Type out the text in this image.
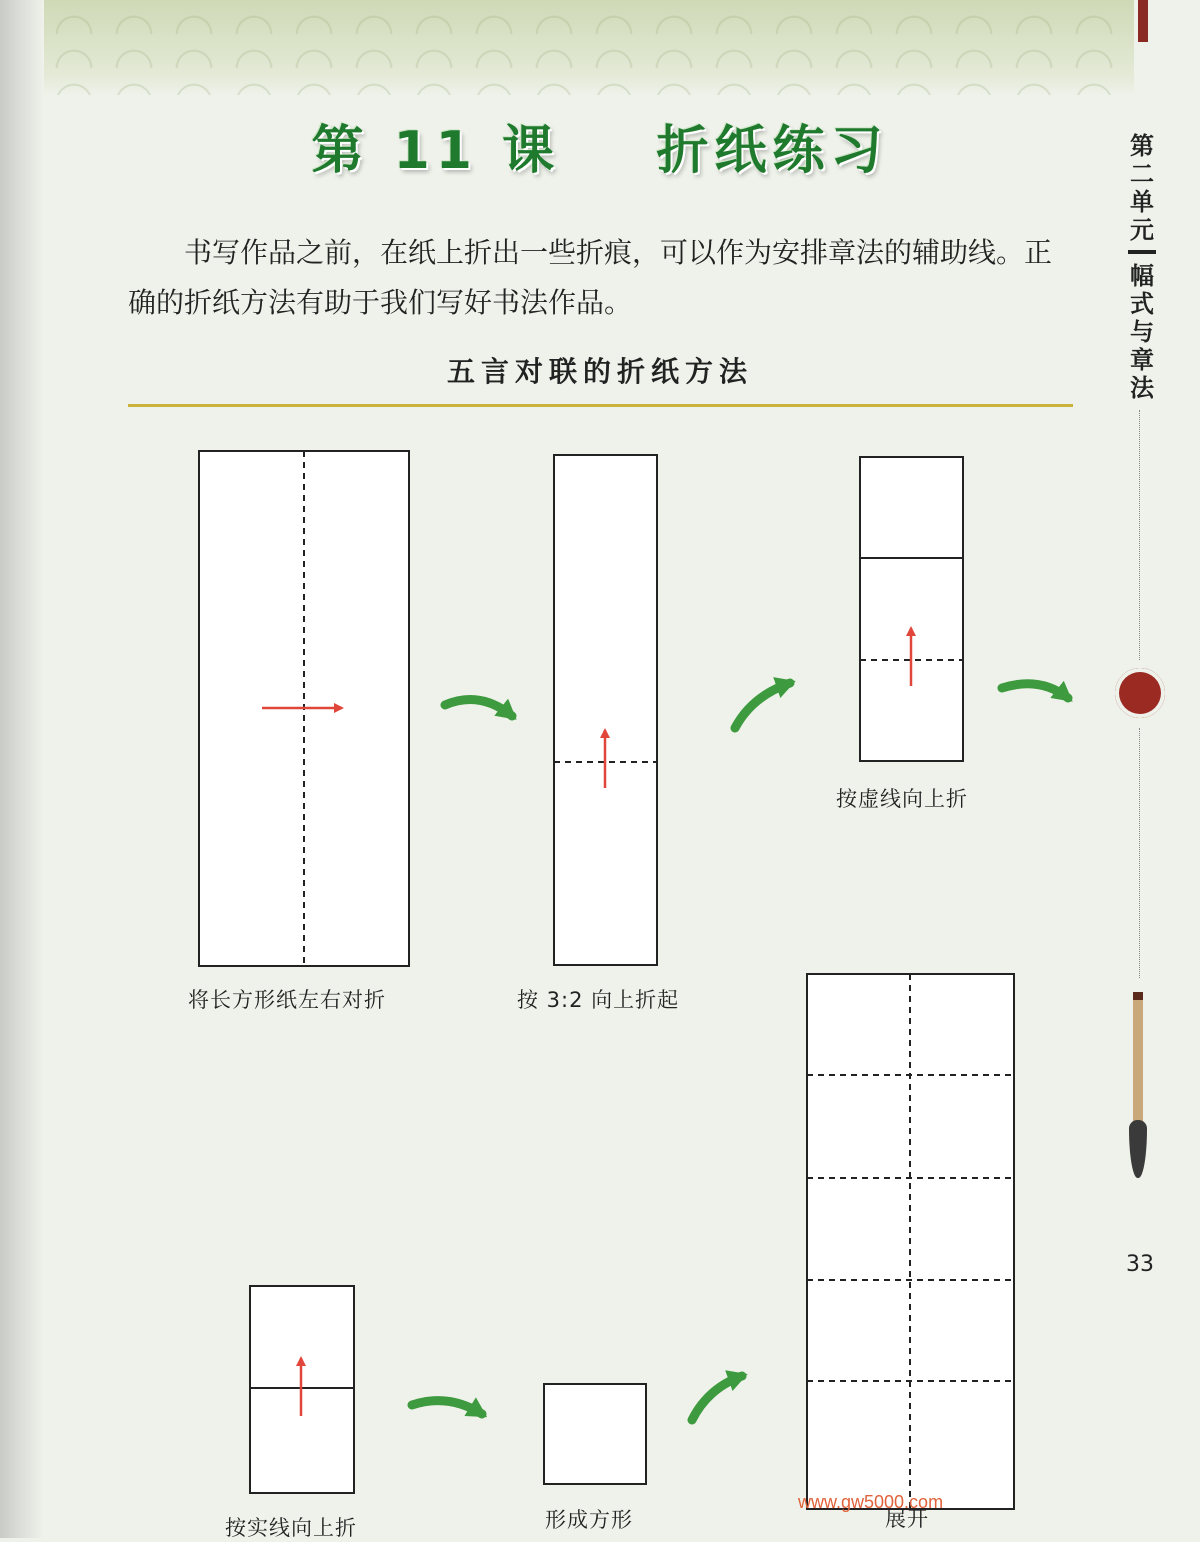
第 11 课    折纸练习
书写作品之前，在纸上折出一些折痕，可以作为安排章法的辅助线。正确的折纸方法有助于我们写好书法作品。
五言对联的折纸方法
第二单元
幅式与章法
33
将长方形纸左右对折	按 3:2 向上折起
按虚线向上折
按实线向上折	形成方形	展开
www.gw5000.com
